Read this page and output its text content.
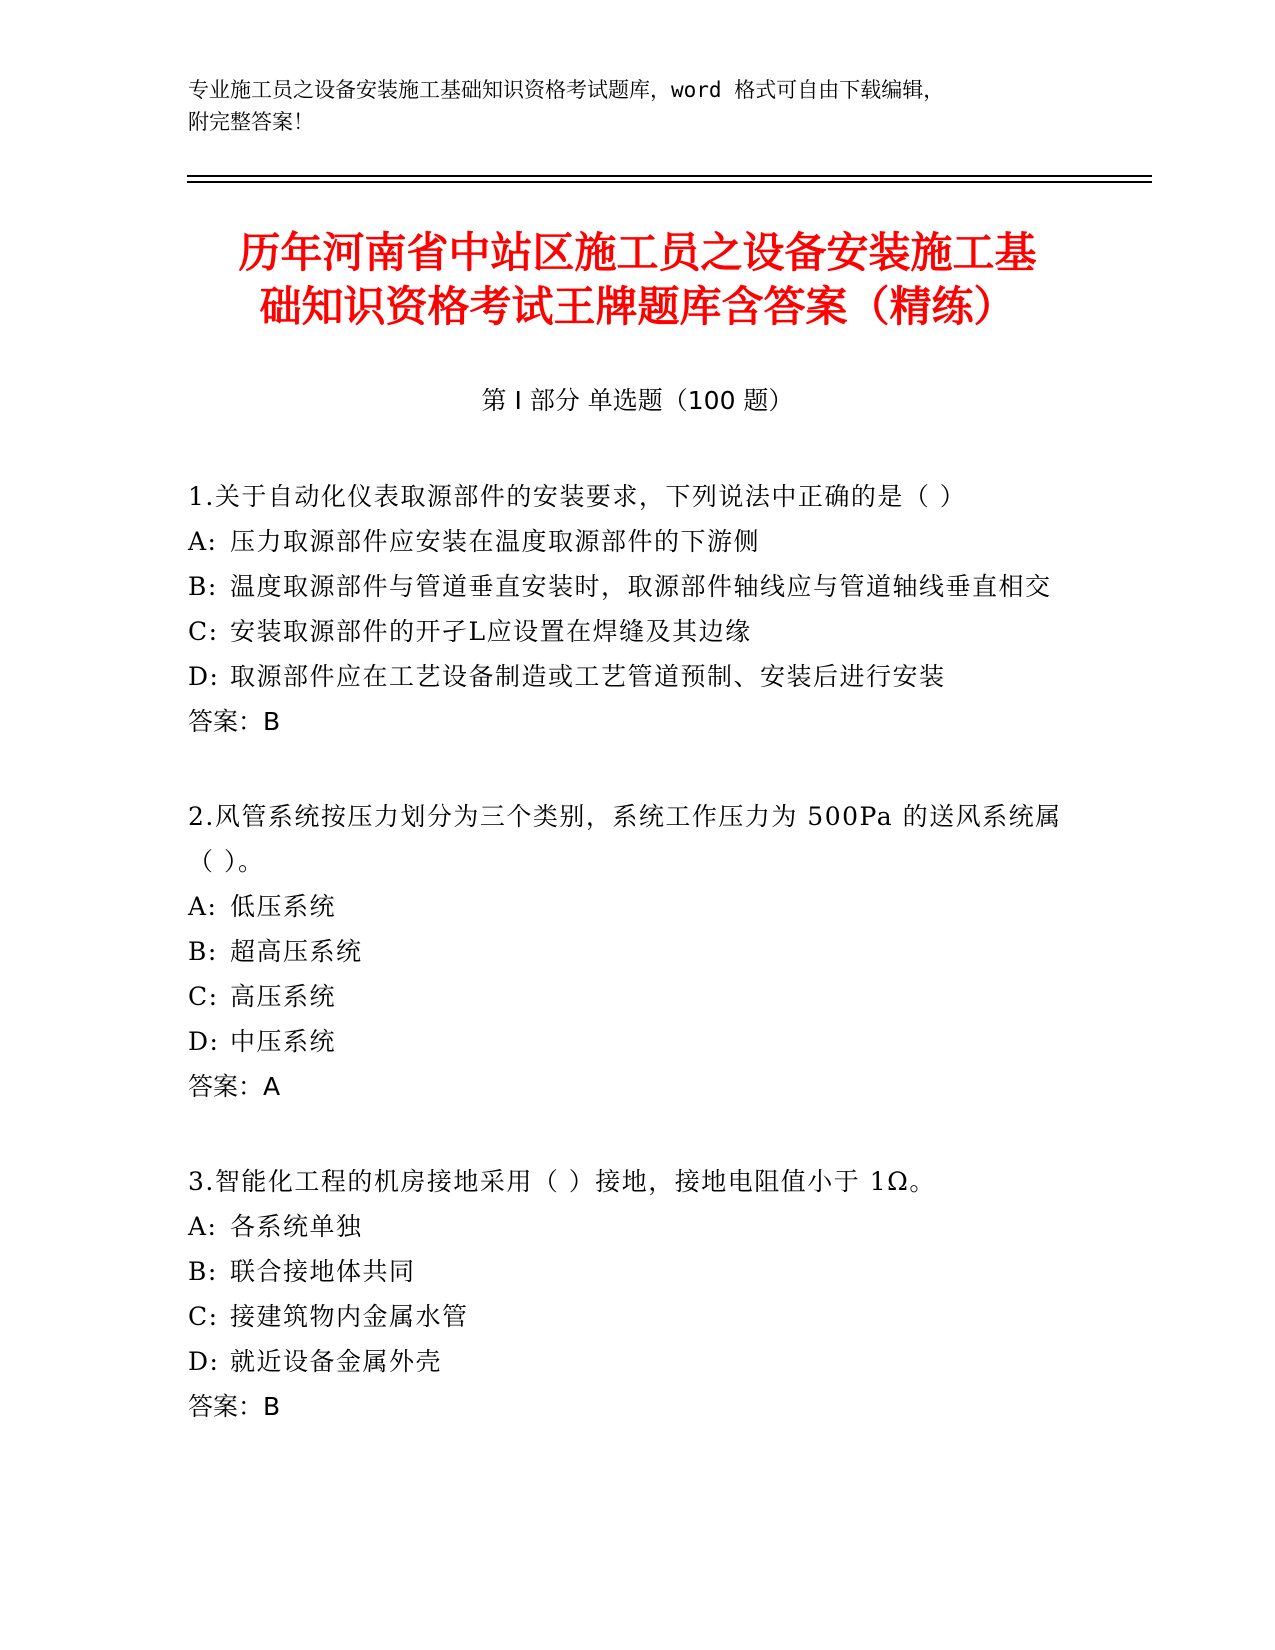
专业施工员之设备安装施工基础知识资格考试题库，word 格式可自由下载编辑，
附完整答案！
历年河南省中站区施工员之设备安装施工基
础知识资格考试王牌题库含答案（精练）
第 I 部分 单选题（100 题）
1.关于自动化仪表取源部件的安装要求，下列说法中正确的是（ ）
A: 压力取源部件应安装在温度取源部件的下游侧
B: 温度取源部件与管道垂直安装时，取源部件轴线应与管道轴线垂直相交
C: 安装取源部件的开孑L应设置在焊缝及其边缘
D: 取源部件应在工艺设备制造或工艺管道预制、安装后进行安装
答案：B
2.风管系统按压力划分为三个类别，系统工作压力为 500Pa 的送风系统属（ ）。
A: 低压系统
B: 超高压系统
C: 高压系统
D: 中压系统
答案：A
3.智能化工程的机房接地采用（ ）接地，接地电阻值小于 1Ω。
A: 各系统单独
B: 联合接地体共同
C: 接建筑物内金属水管
D: 就近设备金属外壳
答案：B
